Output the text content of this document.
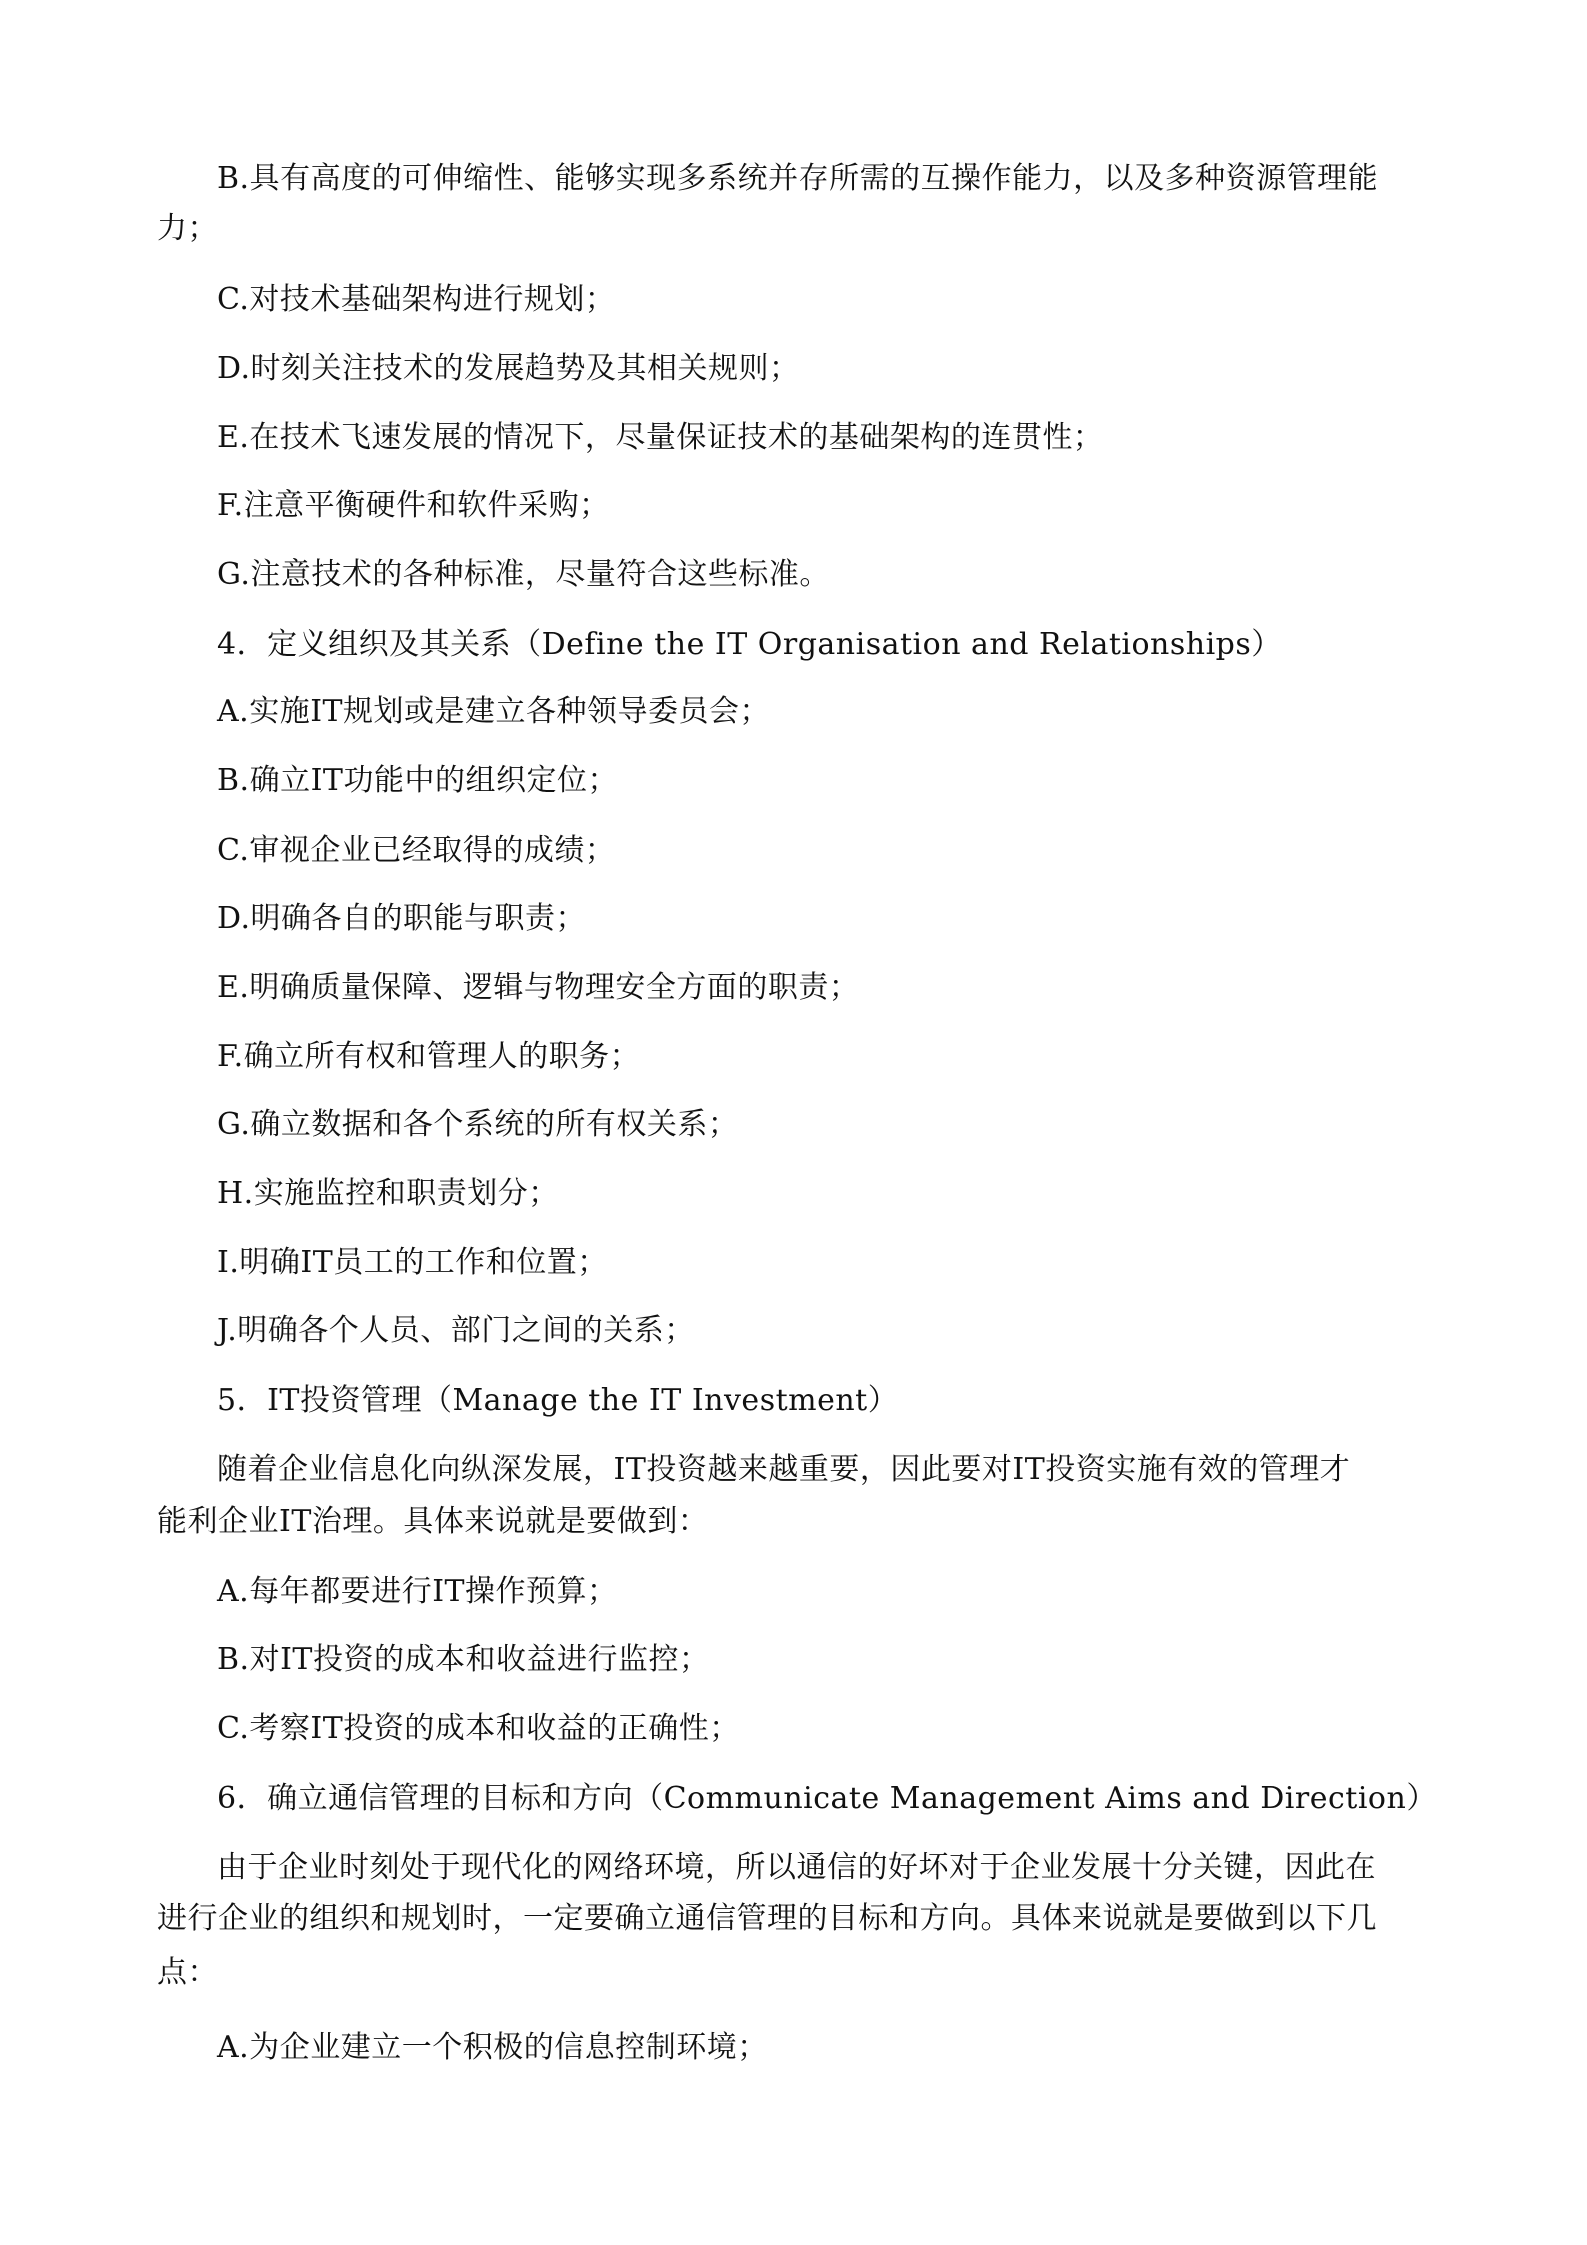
B.具有高度的可伸缩性、能够实现多系统并存所需的互操作能力，以及多种资源管理能
力；
C.对技术基础架构进行规划；
D.时刻关注技术的发展趋势及其相关规则；
E.在技术飞速发展的情况下，尽量保证技术的基础架构的连贯性；
F.注意平衡硬件和软件采购；
G.注意技术的各种标准，尽量符合这些标准。
4．定义组织及其关系（Define the IT Organisation and Relationships）
A.实施IT规划或是建立各种领导委员会；
B.确立IT功能中的组织定位；
C.审视企业已经取得的成绩；
D.明确各自的职能与职责；
E.明确质量保障、逻辑与物理安全方面的职责；
F.确立所有权和管理人的职务；
G.确立数据和各个系统的所有权关系；
H.实施监控和职责划分；
I.明确IT员工的工作和位置；
J.明确各个人员、部门之间的关系；
5．IT投资管理（Manage the IT Investment）
随着企业信息化向纵深发展，IT投资越来越重要，因此要对IT投资实施有效的管理才
能利企业IT治理。具体来说就是要做到：
A.每年都要进行IT操作预算；
B.对IT投资的成本和收益进行监控；
C.考察IT投资的成本和收益的正确性；
6．确立通信管理的目标和方向（Communicate Management Aims and Direction）
由于企业时刻处于现代化的网络环境，所以通信的好坏对于企业发展十分关键，因此在
进行企业的组织和规划时，一定要确立通信管理的目标和方向。具体来说就是要做到以下几
点：
A.为企业建立一个积极的信息控制环境；
